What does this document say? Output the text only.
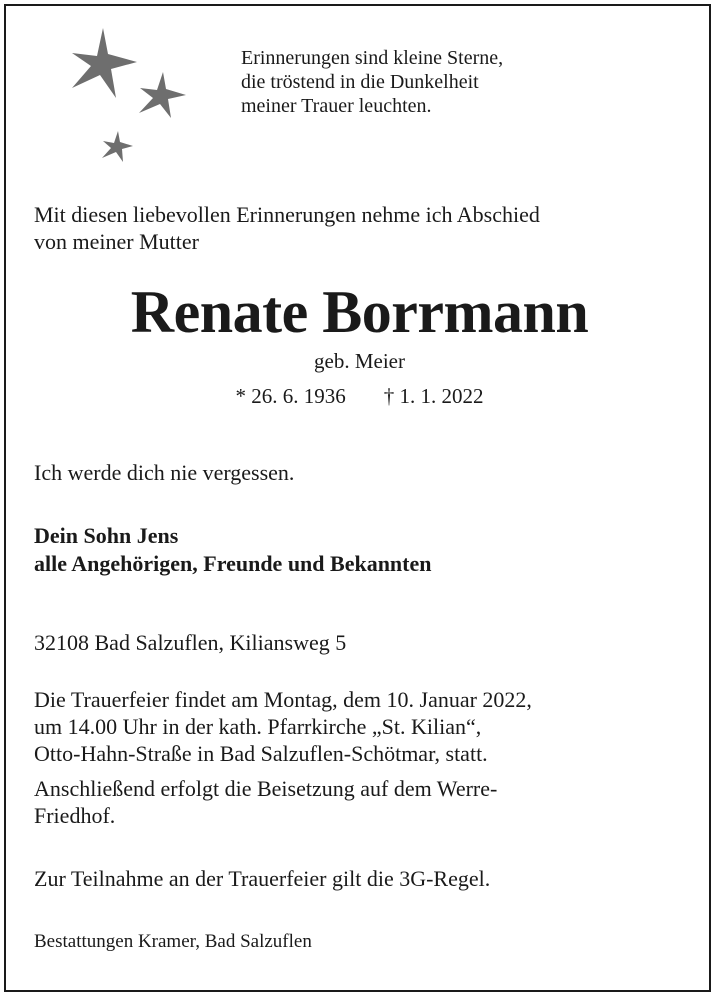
Erinnerungen sind kleine Sterne,
die tröstend in die Dunkelheit
meiner Trauer leuchten.
Mit diesen liebevollen Erinnerungen nehme ich Abschied
von meiner Mutter
Renate Borrmann
geb. Meier
* 26. 6. 1936 † 1. 1. 2022
Ich werde dich nie vergessen.
Dein Sohn Jens
alle Angehörigen, Freunde und Bekannten
32108 Bad Salzuflen, Kiliansweg 5
Die Trauerfeier findet am Montag, dem 10. Januar 2022,
um 14.00 Uhr in der kath. Pfarrkirche „St. Kilian“,
Otto-Hahn-Straße in Bad Salzuflen-Schötmar, statt.
Anschließend erfolgt die Beisetzung auf dem Werre-
Friedhof.
Zur Teilnahme an der Trauerfeier gilt die 3G-Regel.
Bestattungen Kramer, Bad Salzuflen
